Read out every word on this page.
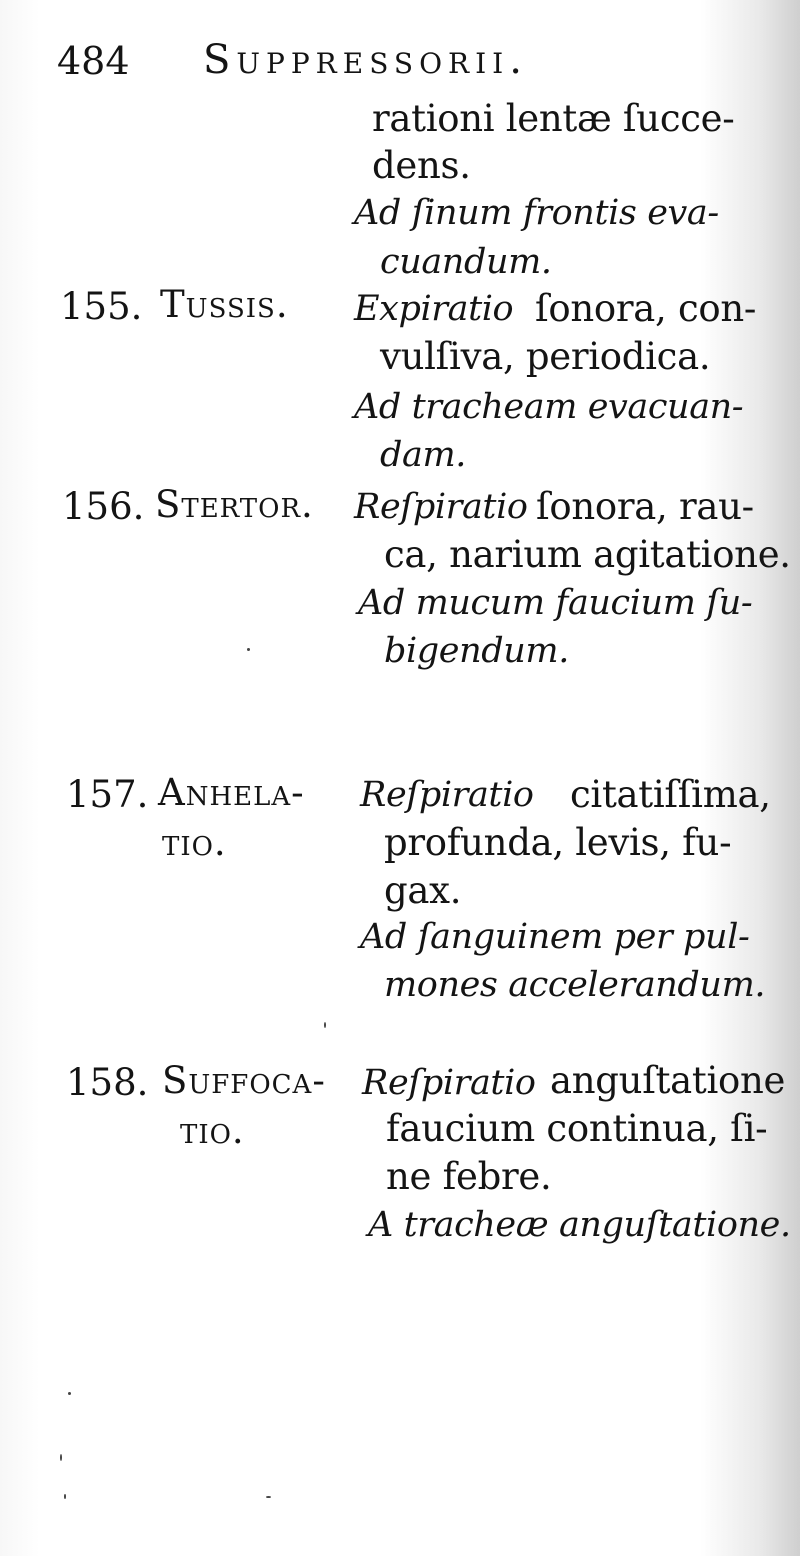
484 Suppressorii.
rationi lentæ ſucce-
dens.
Ad ſinum frontis eva-
cuandum.
155. Tussis. Expiratio ſonora, con-
vulſiva, periodica.
Ad tracheam evacuan-
dam.
156. Stertor. Reſpiratio ſonora, rau-
ca, narium agitatione.
Ad mucum faucium ſu-
bigendum.
157. Anhela-
tio.
Reſpiratio citatiſſima,
profunda, levis, fu-
gax.
Ad ſanguinem per pul-
mones accelerandum.
158. Suffoca-
tio.
Reſpiratio anguſtatione
faucium continua, ſi-
ne febre.
A tracheæ anguſtatione.
